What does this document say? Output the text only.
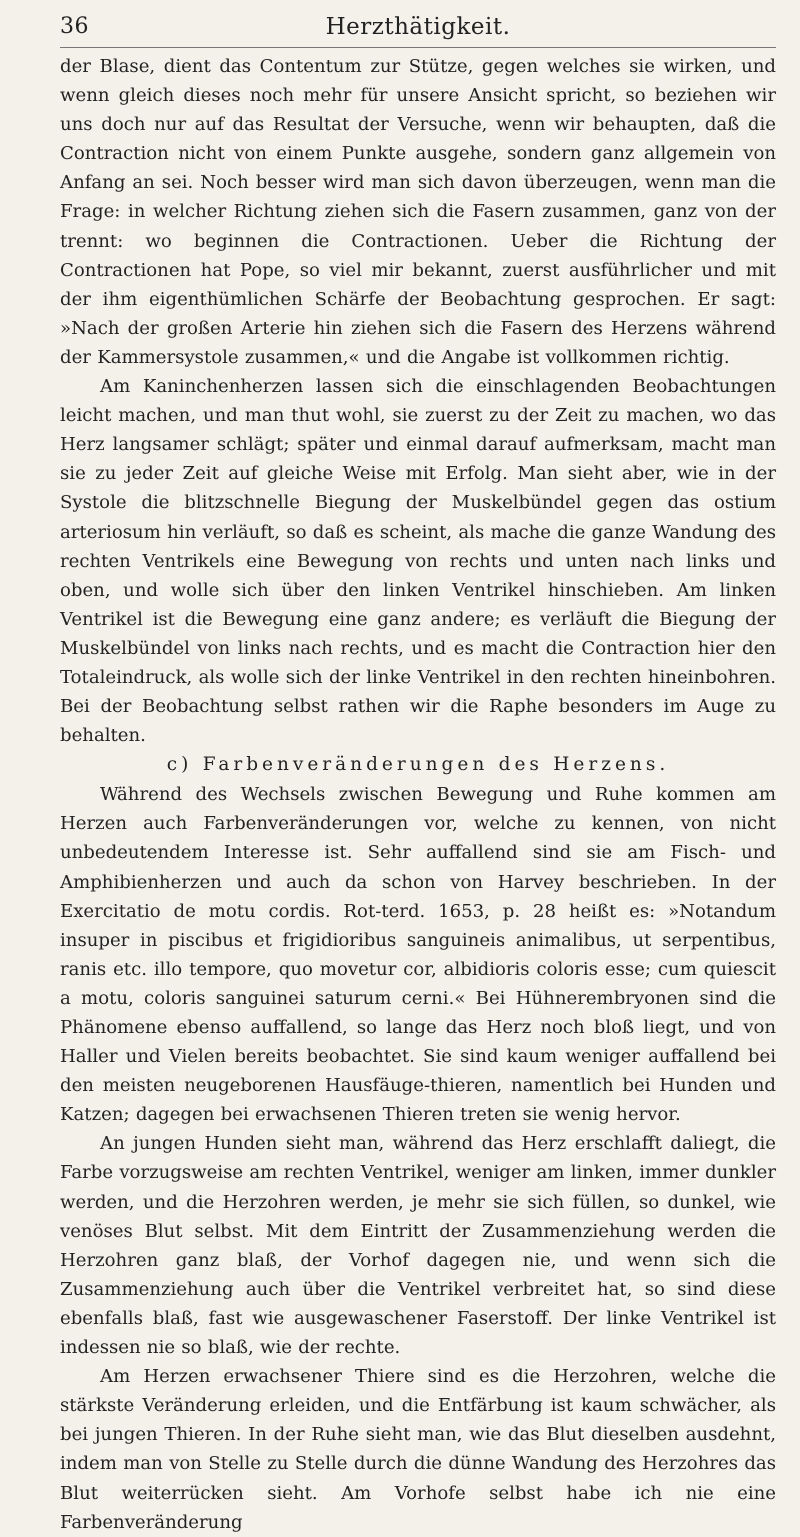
36	Herzthätigkeit.

der Blase, dient das Contentum zur Stütze, gegen welches sie wirken, und wenn gleich dieses noch mehr für unsere Ansicht spricht, so beziehen wir uns doch nur auf das Resultat der Versuche, wenn wir behaupten, daß die Contraction nicht von einem Punkte ausgehe, sondern ganz allgemein von Anfang an sei. Noch besser wird man sich davon überzeugen, wenn man die Frage: in welcher Richtung ziehen sich die Fasern zusammen, ganz von der trennt: wo beginnen die Contractionen. Ueber die Richtung der Contractionen hat Pope, so viel mir bekannt, zuerst ausführlicher und mit der ihm eigenthümlichen Schärfe der Beobachtung gesprochen. Er sagt: »Nach der großen Arterie hin ziehen sich die Fasern des Herzens während der Kammersystole zusammen,« und die Angabe ist vollkommen richtig.

Am Kaninchenherzen lassen sich die einschlagenden Beobachtungen leicht machen, und man thut wohl, sie zuerst zu der Zeit zu machen, wo das Herz langsamer schlägt; später und einmal darauf aufmerksam, macht man sie zu jeder Zeit auf gleiche Weise mit Erfolg. Man sieht aber, wie in der Systole die blitzschnelle Biegung der Muskelbündel gegen das ostium arteriosum hin verläuft, so daß es scheint, als mache die ganze Wandung des rechten Ventrikels eine Bewegung von rechts und unten nach links und oben, und wolle sich über den linken Ventrikel hinschieben. Am linken Ventrikel ist die Bewegung eine ganz andere; es verläuft die Biegung der Muskelbündel von links nach rechts, und es macht die Contraction hier den Totaleindruck, als wolle sich der linke Ventrikel in den rechten hineinbohren. Bei der Beobachtung selbst rathen wir die Raphe besonders im Auge zu behalten.

c) Farbenveränderungen des Herzens.

Während des Wechsels zwischen Bewegung und Ruhe kommen am Herzen auch Farbenveränderungen vor, welche zu kennen, von nicht unbedeutendem Interesse ist. Sehr auffallend sind sie am Fisch- und Amphibienherzen und auch da schon von Harvey beschrieben. In der Exercitatio de motu cordis. Rot-terd. 1653, p. 28 heißt es: »Notandum insuper in piscibus et frigidioribus sanguineis animalibus, ut serpentibus, ranis etc. illo tempore, quo movetur cor, albidioris coloris esse; cum quiescit a motu, coloris sanguinei saturum cerni.« Bei Hühnerembryonen sind die Phänomene ebenso auffallend, so lange das Herz noch bloß liegt, und von Haller und Vielen bereits beobachtet. Sie sind kaum weniger auffallend bei den meisten neugeborenen Hausfäuge-thieren, namentlich bei Hunden und Katzen; dagegen bei erwachsenen Thieren treten sie wenig hervor.

An jungen Hunden sieht man, während das Herz erschlafft daliegt, die Farbe vorzugsweise am rechten Ventrikel, weniger am linken, immer dunkler werden, und die Herzohren werden, je mehr sie sich füllen, so dunkel, wie venöses Blut selbst. Mit dem Eintritt der Zusammenziehung werden die Herzohren ganz blaß, der Vorhof dagegen nie, und wenn sich die Zusammenziehung auch über die Ventrikel verbreitet hat, so sind diese ebenfalls blaß, fast wie ausgewaschener Faserstoff. Der linke Ventrikel ist indessen nie so blaß, wie der rechte.

Am Herzen erwachsener Thiere sind es die Herzohren, welche die stärkste Veränderung erleiden, und die Entfärbung ist kaum schwächer, als bei jungen Thieren. In der Ruhe sieht man, wie das Blut dieselben ausdehnt, indem man von Stelle zu Stelle durch die dünne Wandung des Herzohres das Blut weiterrücken sieht. Am Vorhofe selbst habe ich nie eine Farbenveränderung
